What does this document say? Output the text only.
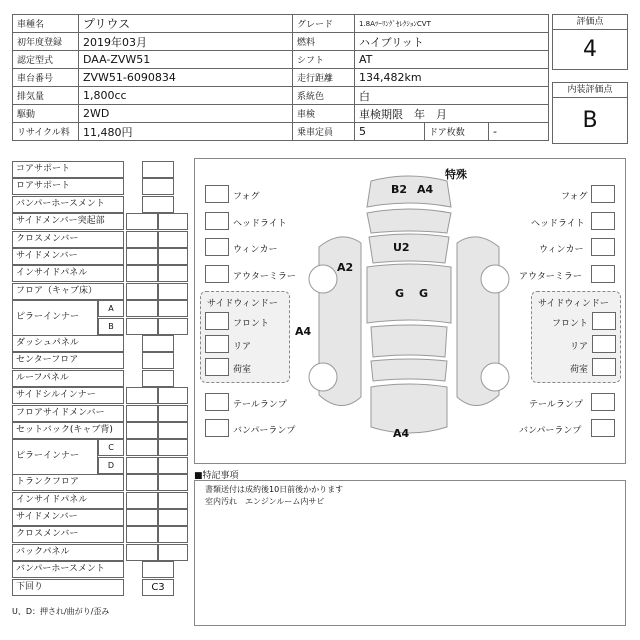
車種名	プリウス	グレード	1.8AﾂｰﾘﾝｸﾞｾﾚｸｼｮﾝCVT		
初年度登録	2019年03月	燃料	ハイブリット		
認定型式	DAA-ZVW51	シフト	AT		
車台番号	ZVW51-6090834	走行距離	134,482km		
排気量	1,800cc	系統色	白		
駆動	2WD	車検	車検期限　年　月		
リサイクル料	11,480円	乗車定員	5	ドア枚数	-
評価点
4
内装評価点
B
コアサポート
ロアサポート
バンパーホースメント
サイドメンバー突起部
クロスメンバー
サイドメンバー
インサイドパネル
フロア（キャブ床）
ピラーインナー
A
B
ダッシュパネル
センターフロア
ルーフパネル
サイドシルインナー
フロアサイドメンバー
セットバック(キャブ背)
ピラーインナー
C
D
トランクフロア
インサイドパネル
サイドメンバー
クロスメンバー
バックパネル
バンパーホースメント
下回り	C3
U、D：押され/曲がり/歪み
特殊
B2 A4
U2
A2
G G
A4
A4
フォグ
ヘッドライト
ウィンカー
アウターミラー
フォグ
ヘッドライト
ウィンカー
アウターミラー
サイドウィンドー
フロント
リア
荷室
サイドウィンドー
フロント
リア
荷室
テールランプ
バンパーランプ
テールランプ
バンパーランプ
■特記事項
書類送付は成約後10日前後かかります
室内汚れ　エンジンルーム内サビ
